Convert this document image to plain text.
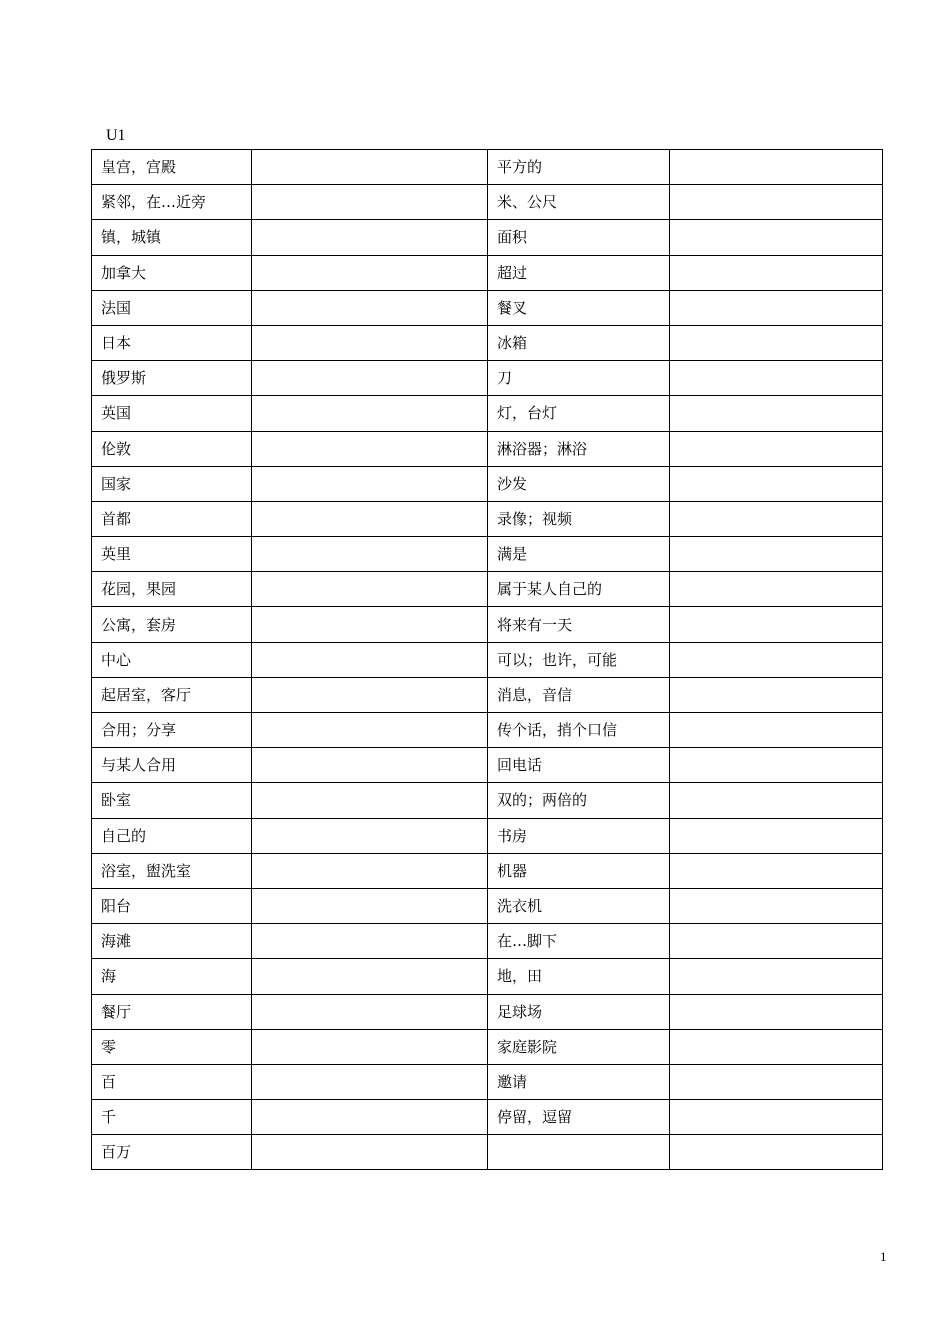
U1
皇宫，宫殿		平方的	
紧邻，在…近旁		米、公尺	
镇，城镇		面积	
加拿大		超过	
法国		餐叉	
日本		冰箱	
俄罗斯		刀	
英国		灯，台灯	
伦敦		淋浴器；淋浴	
国家		沙发	
首都		录像；视频	
英里		满是	
花园，果园		属于某人自己的	
公寓，套房		将来有一天	
中心		可以；也许，可能	
起居室，客厅		消息，音信	
合用；分享		传个话，捎个口信	
与某人合用		回电话	
卧室		双的；两倍的	
自己的		书房	
浴室，盥洗室		机器	
阳台		洗衣机	
海滩		在…脚下	
海		地，田	
餐厅		足球场	
零		家庭影院	
百		邀请	
千		停留，逗留	
百万			
1
